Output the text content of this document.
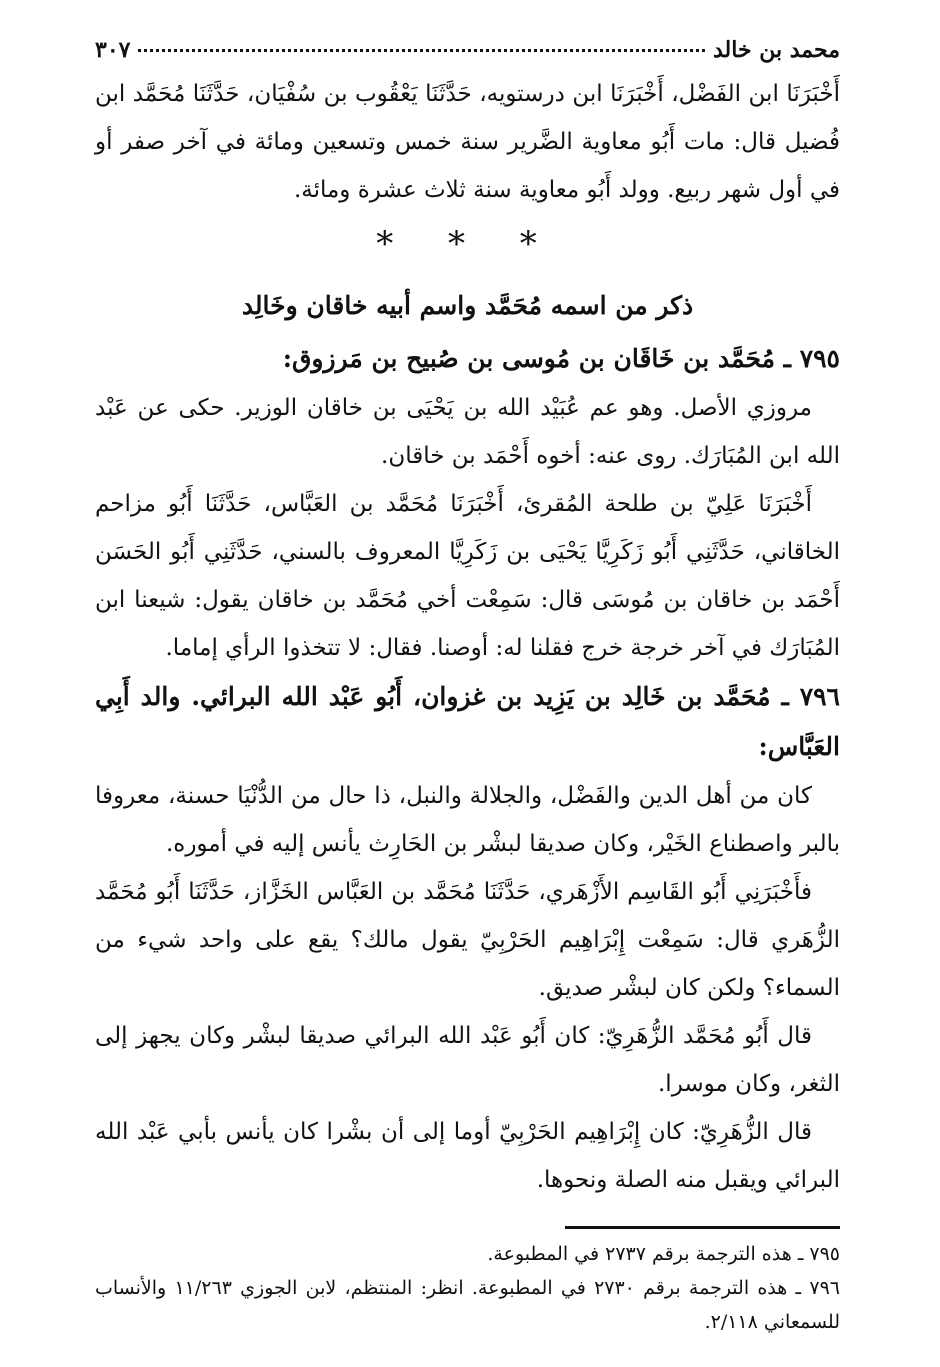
محمد بن خالد
٣٠٧

أَخْبَرَنَا ابن الفَضْل، أَخْبَرَنَا ابن درستويه، حَدَّثَنَا يَعْقُوب بن سُفْيَان، حَدَّثَنَا مُحَمَّد ابن فُضيل قال: مات أَبُو معاوية الضَّرير سنة خمس وتسعين ومائة في آخر صفر أو في أول شهر ربيع. وولد أَبُو معاوية سنة ثلاث عشرة ومائة.

* * *
ذكر من اسمه مُحَمَّد واسم أبيه خاقان وخَالِد
٧٩٥ ـ مُحَمَّد بن خَاقَان بن مُوسى بن صُبيح بن مَرزوق:

مروزي الأصل. وهو عم عُبَيْد الله بن يَحْيَى بن خاقان الوزير. حكى عن عَبْد الله ابن المُبَارَك. روى عنه: أخوه أَحْمَد بن خاقان.

أَخْبَرَنَا عَلِيّ بن طلحة المُقرئ، أَخْبَرَنَا مُحَمَّد بن العَبَّاس، حَدَّثَنَا أَبُو مزاحم الخاقاني، حَدَّثَنِي أَبُو زَكَرِيَّا يَحْيَى بن زَكَرِيَّا المعروف بالسني، حَدَّثَنِي أَبُو الحَسَن أَحْمَد بن خاقان بن مُوسَى قال: سَمِعْت أخي مُحَمَّد بن خاقان يقول: شيعنا ابن المُبَارَك في آخر خرجة خرج فقلنا له: أوصنا. فقال: لا تتخذوا الرأي إماما.

٧٩٦ ـ مُحَمَّد بن خَالِد بن يَزِيد بن غزوان، أَبُو عَبْد الله البرائي. والد أَبِي العَبَّاس:

كان من أهل الدين والفَضْل، والجلالة والنبل، ذا حال من الدُّنْيَا حسنة، معروفا بالبر واصطناع الخَيْر، وكان صديقا لبشْر بن الحَارِث يأنس إليه في أموره.

فأَخْبَرَنِي أَبُو القَاسِم الأَزْهَري، حَدَّثَنَا مُحَمَّد بن العَبَّاس الخَزَّاز، حَدَّثَنَا أَبُو مُحَمَّد الزُّهَري قال: سَمِعْت إِبْرَاهِيم الحَرْبِيّ يقول مالك؟ يقع على واحد شيء من السماء؟ ولكن كان لبشْر صديق.

قال أَبُو مُحَمَّد الزُّهَرِيّ: كان أَبُو عَبْد الله البرائي صديقا لبشْر وكان يجهز إلى الثغر، وكان موسرا.

قال الزُّهَرِيّ: كان إِبْرَاهِيم الحَرْبِيّ أوما إلى أن بشْرا كان يأنس بأبي عَبْد الله البرائي ويقبل منه الصلة ونحوها.

٧٩٥ ـ هذه الترجمة برقم ٢٧٣٧ في المطبوعة.

٧٩٦ ـ هذه الترجمة برقم ٢٧٣٠ في المطبوعة. انظر: المنتظم، لابن الجوزي ١١/٢٦٣ والأنساب للسمعاني ٢/١١٨.
